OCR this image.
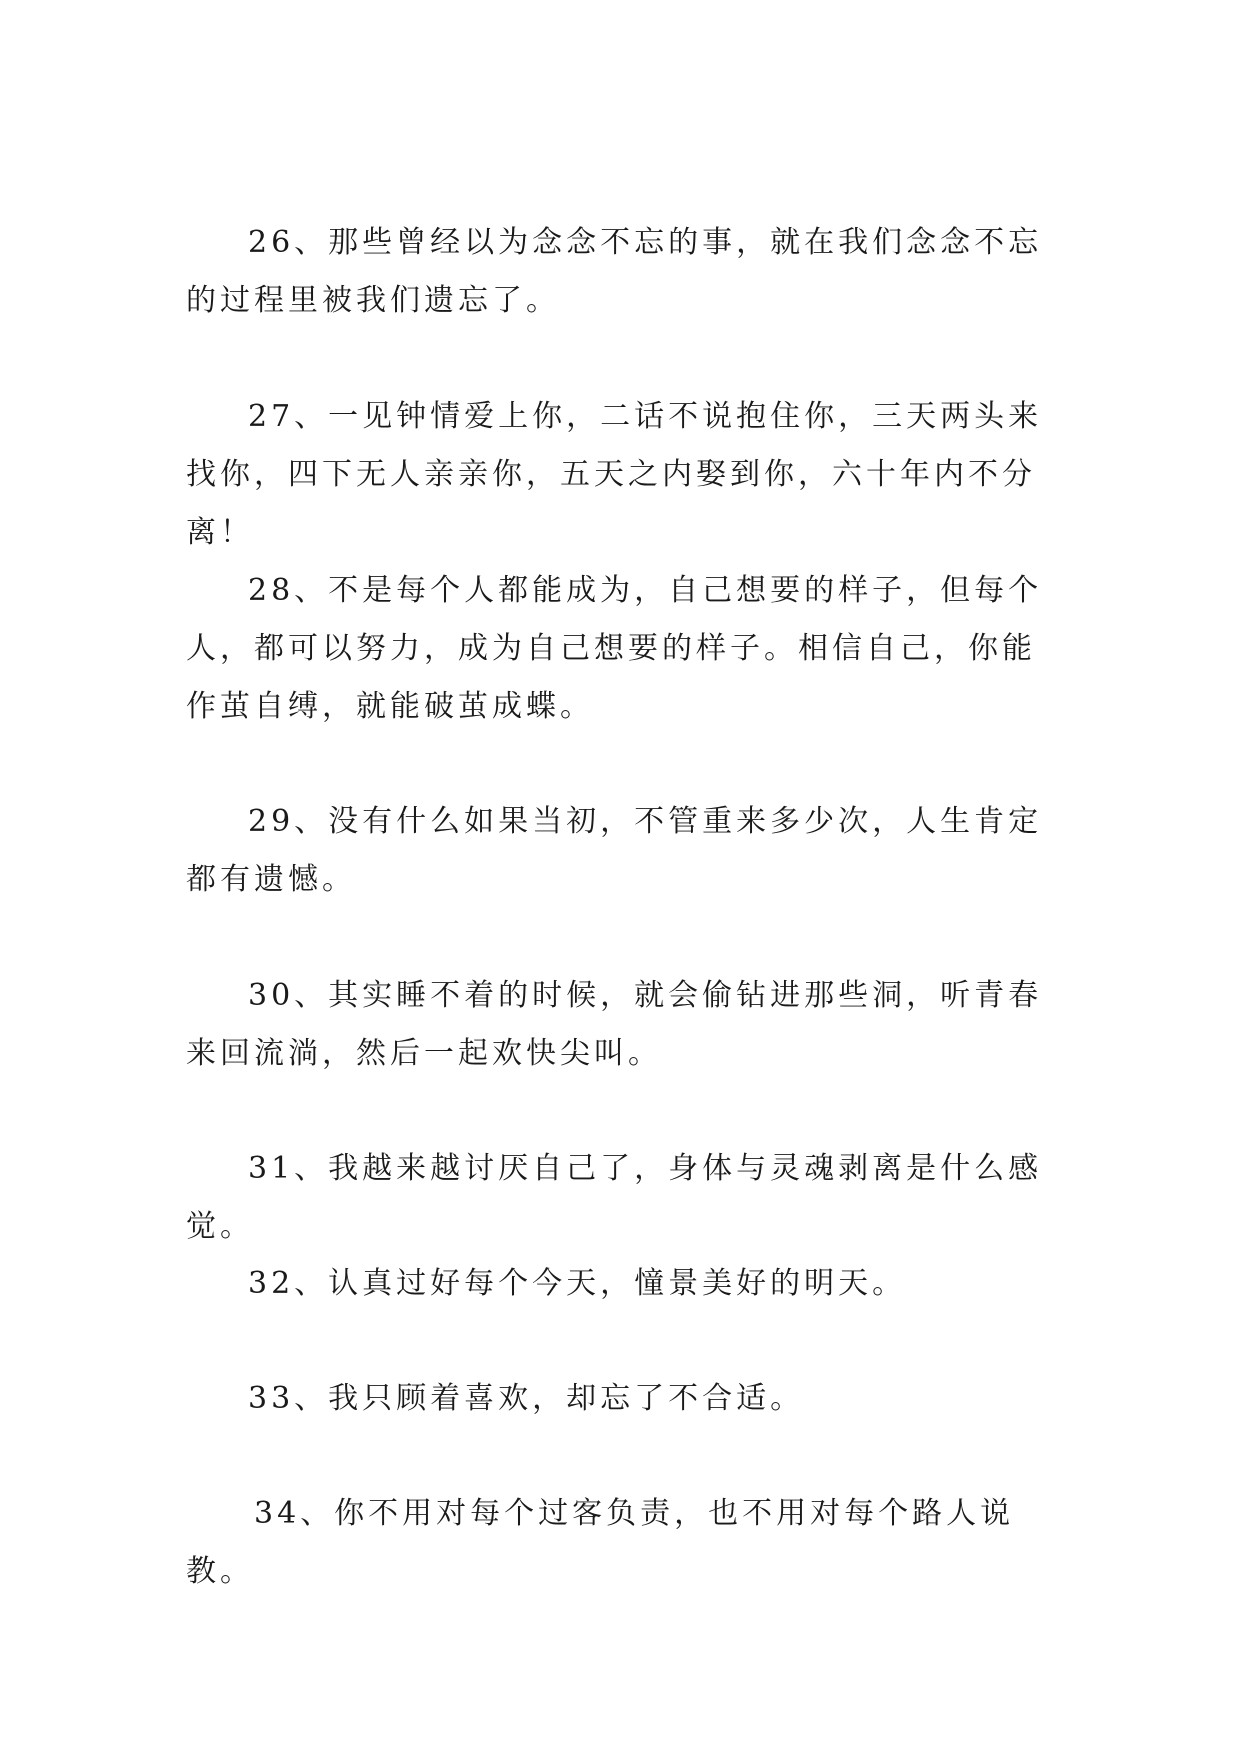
26、那些曾经以为念念不忘的事，就在我们念念不忘的过程里被我们遗忘了。

27、一见钟情爱上你，二话不说抱住你，三天两头来找你，四下无人亲亲你，五天之内娶到你，六十年内不分离！

28、不是每个人都能成为，自己想要的样子，但每个人，都可以努力，成为自己想要的样子。相信自己，你能作茧自缚，就能破茧成蝶。

29、没有什么如果当初，不管重来多少次，人生肯定都有遗憾。

30、其实睡不着的时候，就会偷钻进那些洞，听青春来回流淌，然后一起欢快尖叫。

31、我越来越讨厌自己了，身体与灵魂剥离是什么感觉。

32、认真过好每个今天，憧景美好的明天。

33、我只顾着喜欢，却忘了不合适。

34、你不用对每个过客负责，也不用对每个路人说教。
